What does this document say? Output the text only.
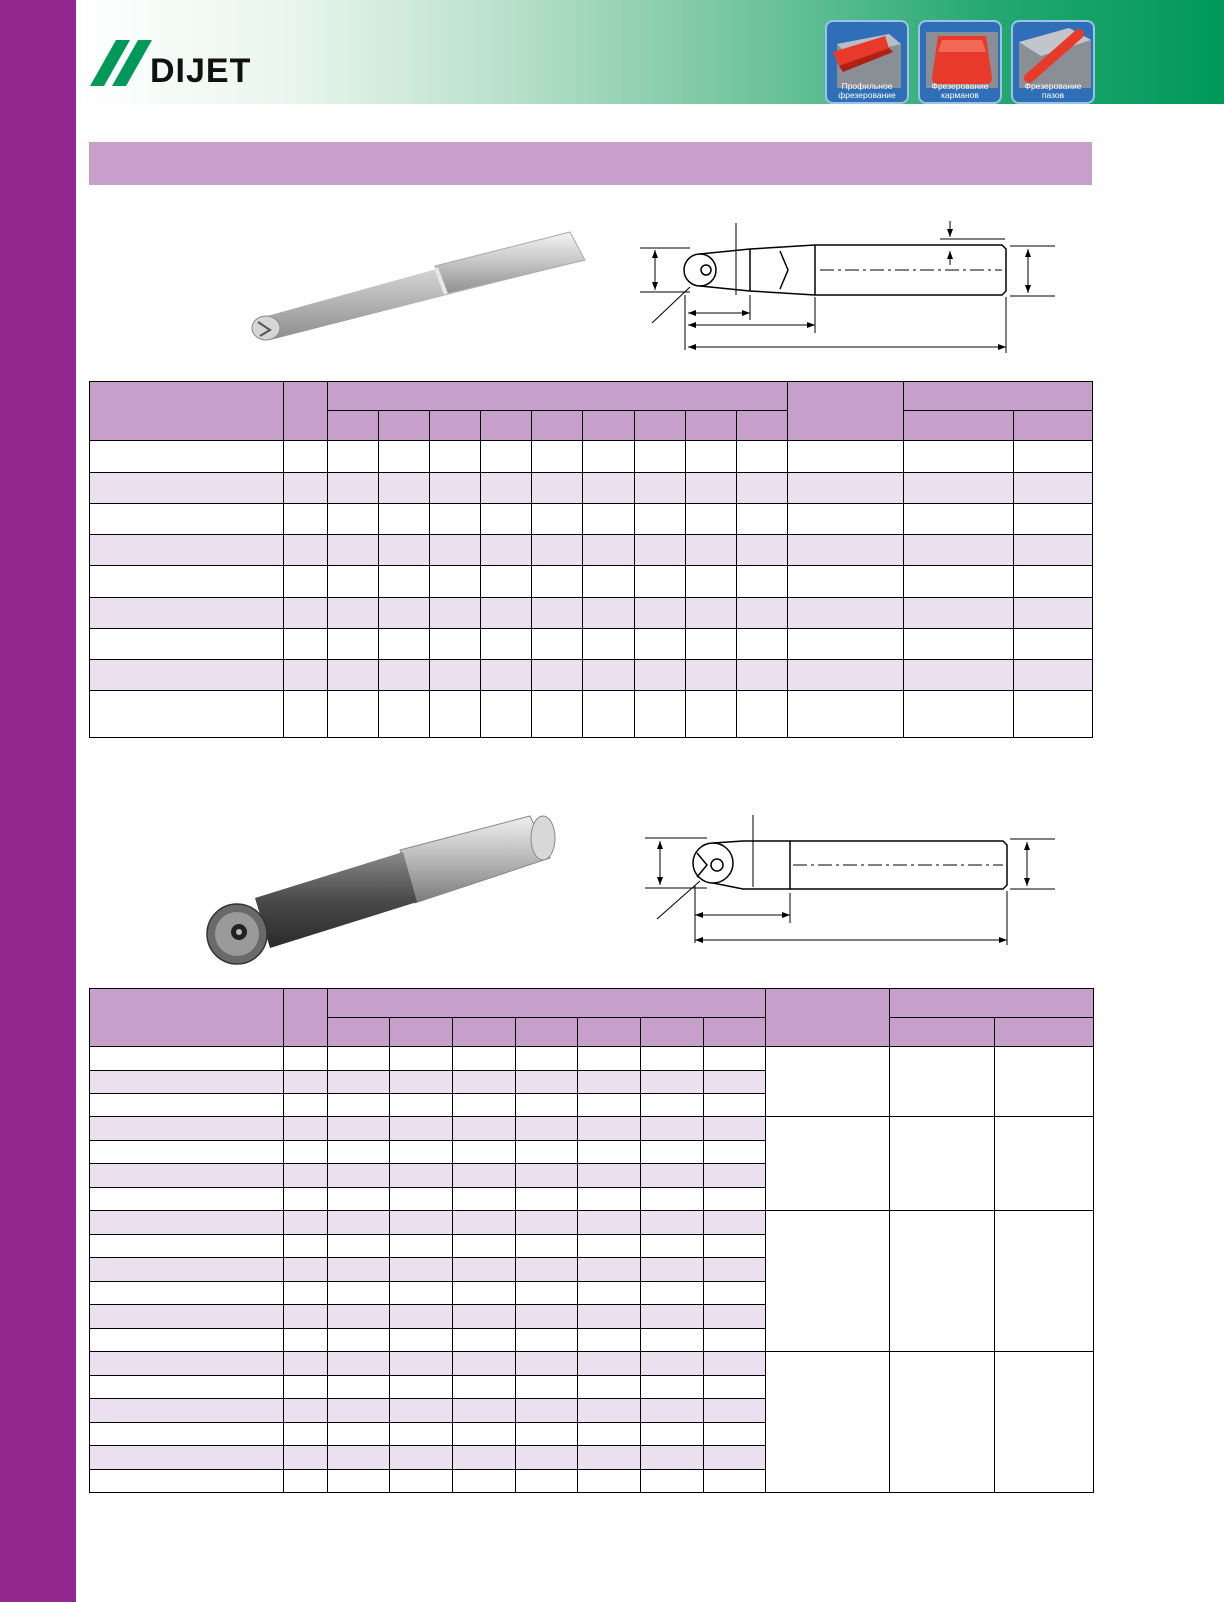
DIJET	Профильное
фрезерование
Фрезерование
карманов
Фрезерование
пазов
